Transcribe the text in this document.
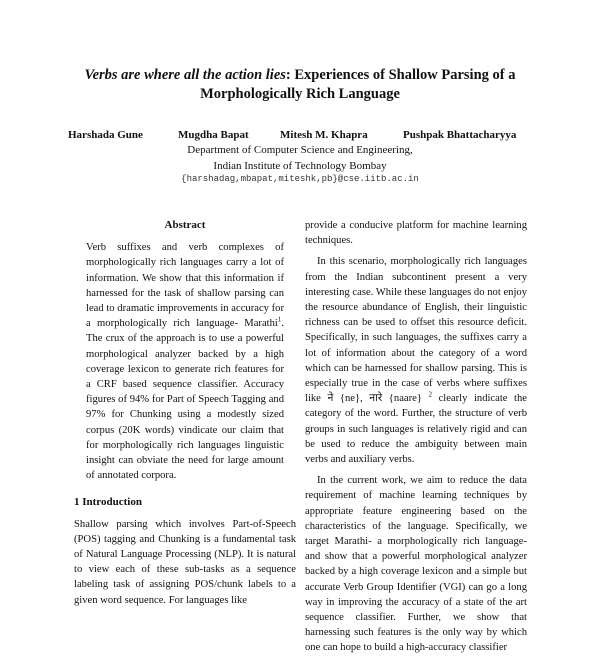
Verbs are where all the action lies: Experiences of Shallow Parsing of a Morphologically Rich Language
Harshada Gune	Mugdha Bapat	Mitesh M. Khapra	Pushpak Bhattacharyya
Department of Computer Science and Engineering,
Indian Institute of Technology Bombay
{harshadag,mbapat,miteshk,pb}@cse.iitb.ac.in
Abstract

Verb suffixes and verb complexes of morphologically rich languages carry a lot of information. We show that this information if harnessed for the task of shallow parsing can lead to dramatic improvements in accuracy for a morphologically rich language- Marathi$^1$. The crux of the approach is to use a powerful morphological analyzer backed by a high coverage lexicon to generate rich features for a CRF based sequence classifier. Accuracy figures of 94% for Part of Speech Tagging and 97% for Chunking using a modestly sized corpus (20K words) vindicate our claim that for morphologically rich languages linguistic insight can obviate the need for large amount of annotated corpora.

1 Introduction

Shallow parsing which involves Part-of-Speech (POS) tagging and Chunking is a fundamental task of Natural Language Processing (NLP). It is natural to view each of these sub-tasks as a sequence labeling task of assigning POS/chunk labels to a given word sequence. For languages like

provide a conducive platform for machine learning techniques.

In this scenario, morphologically rich languages from the Indian subcontinent present a very interesting case. While these languages do not enjoy the resource abundance of English, their linguistic richness can be used to offset this resource deficit. Specifically, in such languages, the suffixes carry a lot of information about the category of a word which can be harnessed for shallow parsing. This is especially true in the case of verbs where suffixes like ने {ne}, नारे {naare} $^2$ clearly indicate the category of the word. Further, the structure of verb groups in such languages is relatively rigid and can be used to reduce the ambiguity between main verbs and auxiliary verbs.

In the current work, we aim to reduce the data requirement of machine learning techniques by appropriate feature engineering based on the characteristics of the language. Specifically, we target Marathi- a morphologically rich language- and show that a powerful morphological analyzer backed by a high coverage lexicon and a simple but accurate Verb Group Identifier (VGI) can go a long way in improving the accuracy of a state of the art sequence classifier. Further, we show that harnessing such features is the only way by which one can hope to build a high-accuracy classifier
